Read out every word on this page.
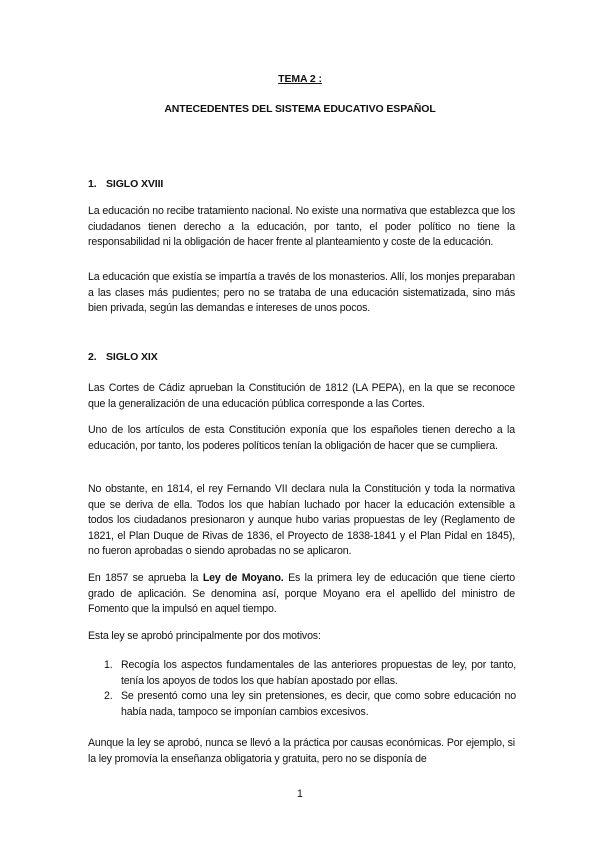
TEMA 2 :
ANTECEDENTES DEL SISTEMA EDUCATIVO ESPAÑOL
1. SIGLO XVIII

La educación no recibe tratamiento nacional. No existe una normativa que establezca que los ciudadanos tienen derecho a la educación, por tanto, el poder político no tiene la responsabilidad ni la obligación de hacer frente al planteamiento y coste de la educación.

La educación que existía se impartía a través de los monasterios. Allí, los monjes preparaban a las clases más pudientes; pero no se trataba de una educación sistematizada, sino más bien privada, según las demandas e intereses de unos pocos.

2. SIGLO XIX

Las Cortes de Cádiz aprueban la Constitución de 1812 (LA PEPA), en la que se reconoce que la generalización de una educación pública corresponde a las Cortes.

Uno de los artículos de esta Constitución exponía que los españoles tienen derecho a la educación, por tanto, los poderes políticos tenían la obligación de hacer que se cumpliera.

No obstante, en 1814, el rey Fernando VII declara nula la Constitución y toda la normativa que se deriva de ella. Todos los que habían luchado por hacer la educación extensible a todos los ciudadanos presionaron y aunque hubo varias propuestas de ley (Reglamento de 1821, el Plan Duque de Rivas de 1836, el Proyecto de 1838-1841 y el Plan Pidal en 1845), no fueron aprobadas o siendo aprobadas no se aplicaron.

En 1857 se aprueba la Ley de Moyano. Es la primera ley de educación que tiene cierto grado de aplicación. Se denomina así, porque Moyano era el apellido del ministro de Fomento que la impulsó en aquel tiempo.

Esta ley se aprobó principalmente por dos motivos:

1. Recogía los aspectos fundamentales de las anteriores propuestas de ley, por tanto, tenía los apoyos de todos los que habían apostado por ellas.
2. Se presentó como una ley sin pretensiones, es decir, que como sobre educación no había nada, tampoco se imponían cambios excesivos.

Aunque la ley se aprobó, nunca se llevó a la práctica por causas económicas. Por ejemplo, si la ley promovía la enseñanza obligatoria y gratuita, pero no se disponía de

1
